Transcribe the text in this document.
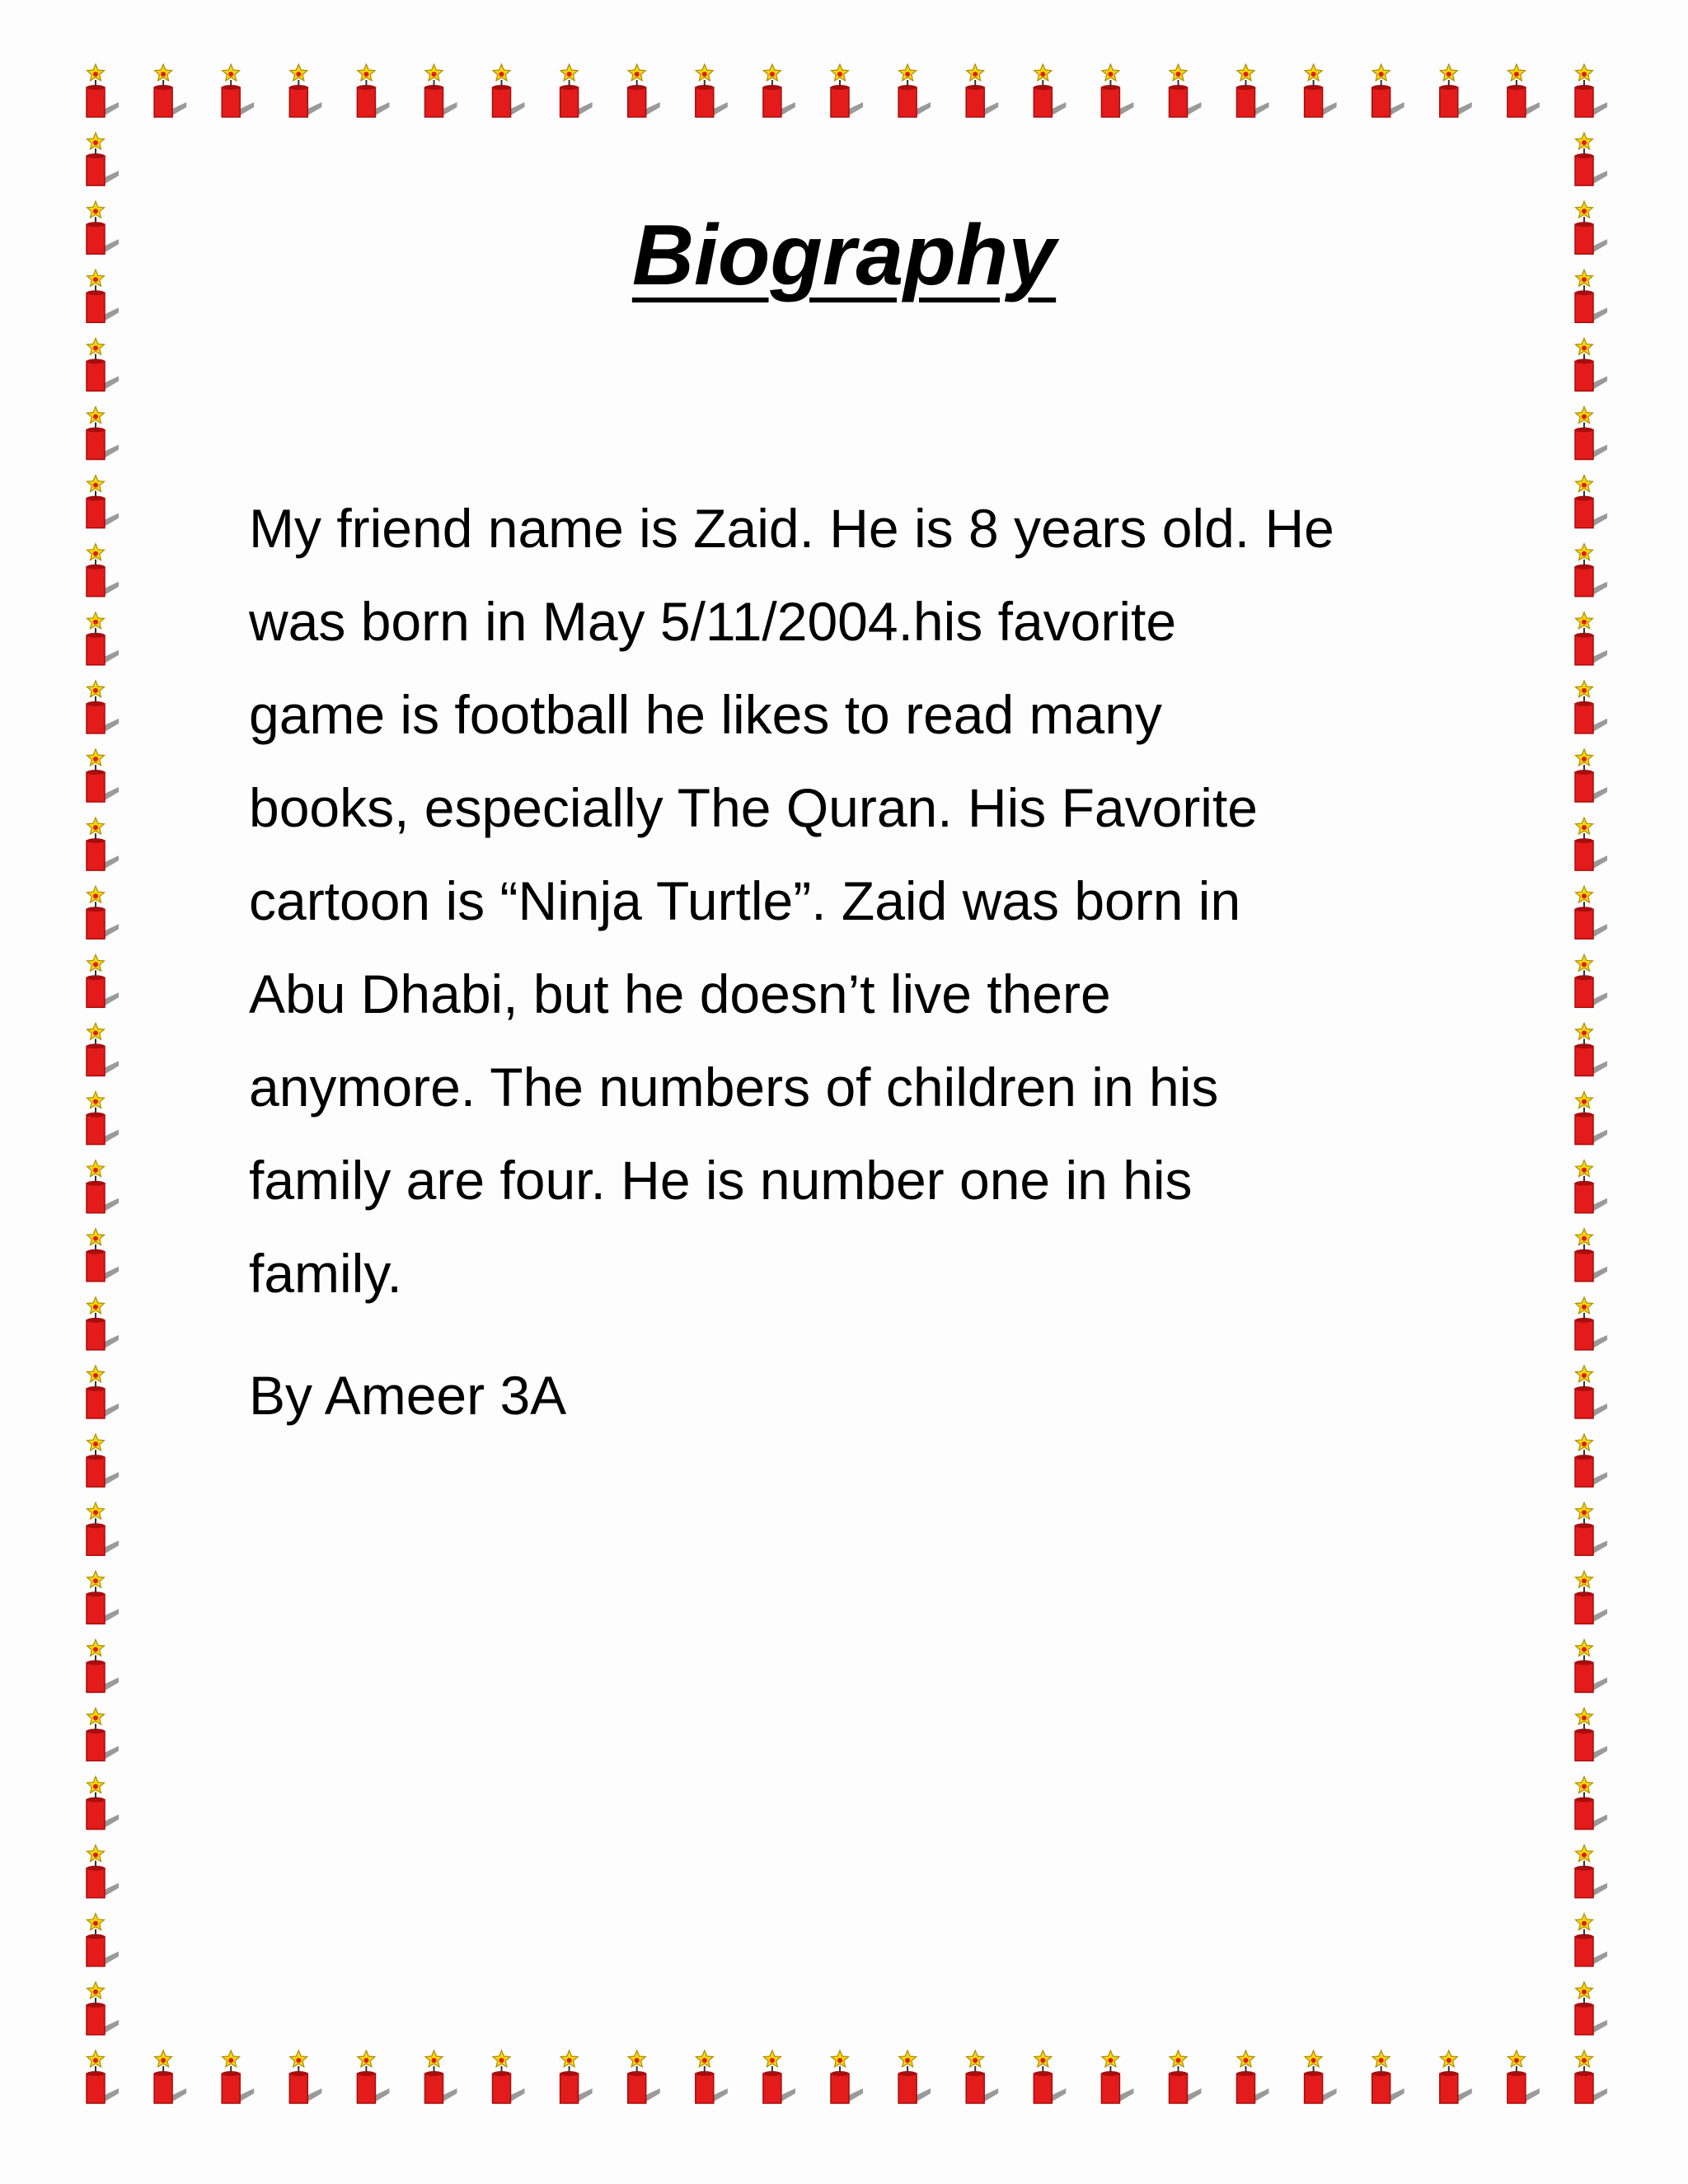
Biography
My friend name is Zaid. He is 8 years old. He
was born in May 5/11/2004.his favorite
game is football he likes to read many
books, especially The Quran. His Favorite
cartoon is “Ninja Turtle”. Zaid was born in
Abu Dhabi, but he doesn’t live there
anymore. The numbers of children in his
family are four. He is number one in his
family.
By Ameer 3A
